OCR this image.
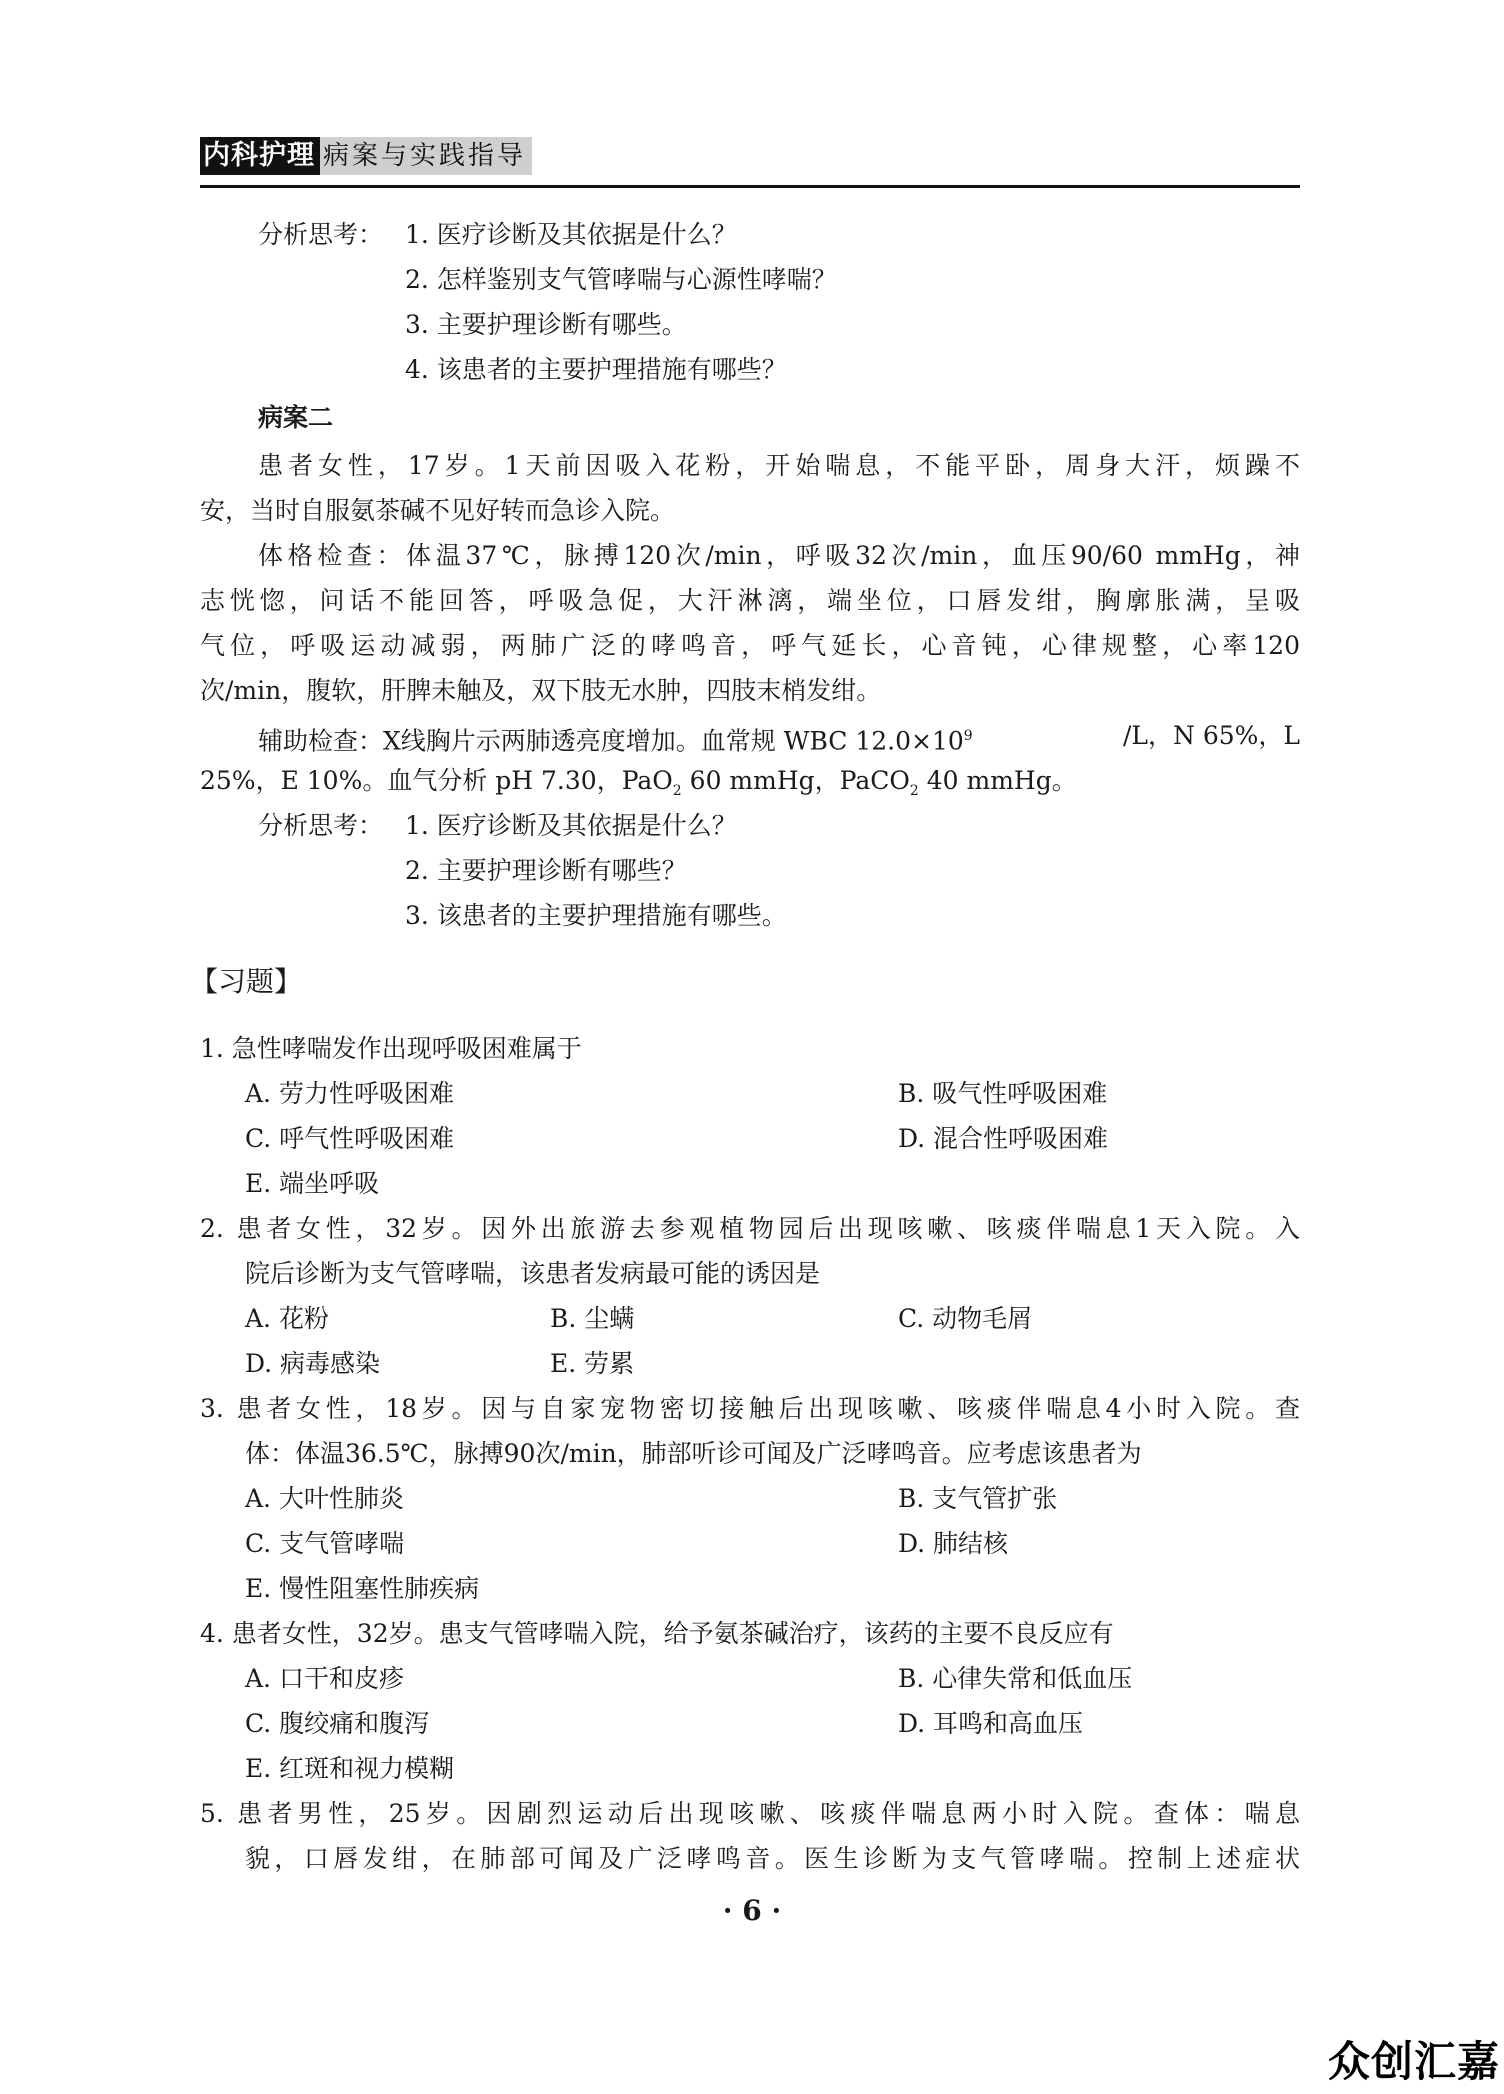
内科护理 病案与实践指导
分析思考： 1. 医疗诊断及其依据是什么？
2. 怎样鉴别支气管哮喘与心源性哮喘？
3. 主要护理诊断有哪些。
4. 该患者的主要护理措施有哪些？
病案二
患者女性，17岁。1天前因吸入花粉，开始喘息，不能平卧，周身大汗，烦躁不
安，当时自服氨茶碱不见好转而急诊入院。
体格检查：体温37℃，脉搏120次/min，呼吸32次/min，血压90/60 mmHg，神
志恍惚，问话不能回答，呼吸急促，大汗淋漓，端坐位，口唇发绀，胸廓胀满，呈吸
气位，呼吸运动减弱，两肺广泛的哮鸣音，呼气延长，心音钝，心律规整，心率120
次/min，腹软，肝脾未触及，双下肢无水肿，四肢末梢发绀。
辅助检查：X线胸片示两肺透亮度增加。血常规 WBC $12.0\times 10^9$	/L，N 65%，L
25%，E 10%。血气分析 pH 7.30，PaO$_2$ 60 mmHg，PaCO$_2$ 40 mmHg。
分析思考： 1. 医疗诊断及其依据是什么？
2. 主要护理诊断有哪些？
3. 该患者的主要护理措施有哪些。
【习题】
1. 急性哮喘发作出现呼吸困难属于
A. 劳力性呼吸困难	B. 吸气性呼吸困难
C. 呼气性呼吸困难	D. 混合性呼吸困难
E. 端坐呼吸
2. 患者女性，32岁。因外出旅游去参观植物园后出现咳嗽、咳痰伴喘息1天入院。入
院后诊断为支气管哮喘，该患者发病最可能的诱因是
A. 花粉	B. 尘螨	C. 动物毛屑
D. 病毒感染	E. 劳累
3. 患者女性，18岁。因与自家宠物密切接触后出现咳嗽、咳痰伴喘息4小时入院。查
体：体温36.5℃，脉搏90次/min，肺部听诊可闻及广泛哮鸣音。应考虑该患者为
A. 大叶性肺炎	B. 支气管扩张
C. 支气管哮喘	D. 肺结核
E. 慢性阻塞性肺疾病
4. 患者女性，32岁。患支气管哮喘入院，给予氨茶碱治疗，该药的主要不良反应有
A. 口干和皮疹	B. 心律失常和低血压
C. 腹绞痛和腹泻	D. 耳鸣和高血压
E. 红斑和视力模糊
5. 患者男性，25岁。因剧烈运动后出现咳嗽、咳痰伴喘息两小时入院。查体：喘息
貌，口唇发绀，在肺部可闻及广泛哮鸣音。医生诊断为支气管哮喘。控制上述症状
· 6 ·
众创汇嘉
